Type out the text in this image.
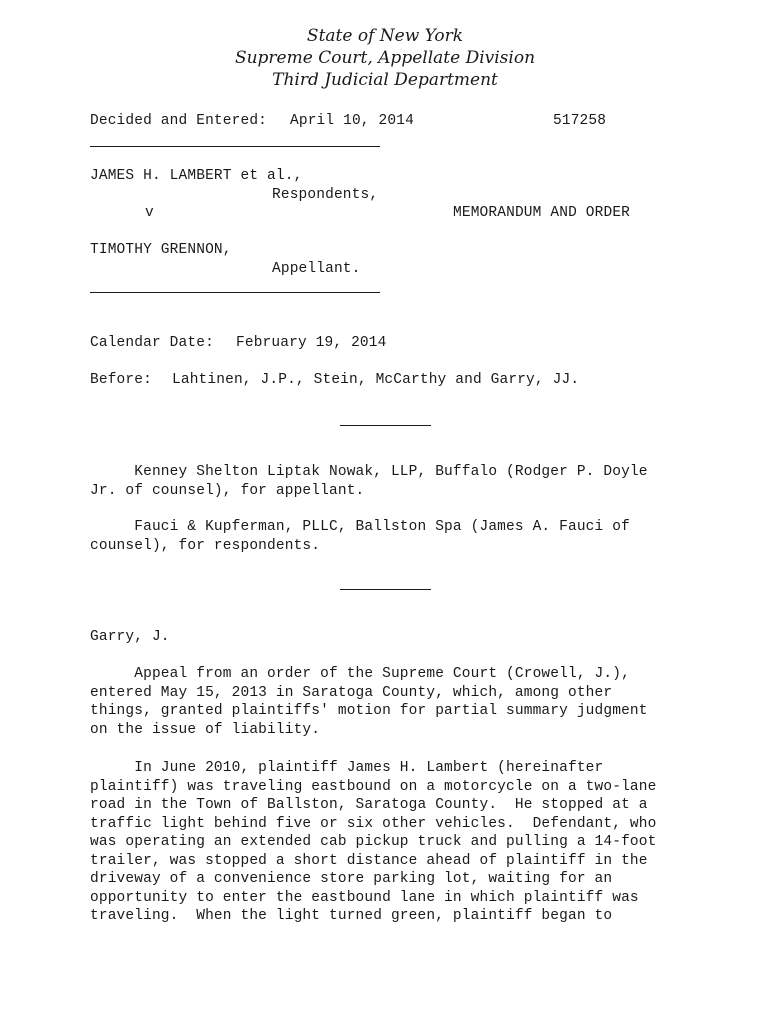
State of New York
Supreme Court, Appellate Division
Third Judicial Department
Decided and Entered: April 10, 2014	517258
JAMES H. LAMBERT et al.,
Respondents,
v	MEMORANDUM AND ORDER
TIMOTHY GRENNON,
Appellant.
Calendar Date: February 19, 2014
Before: Lahtinen, J.P., Stein, McCarthy and Garry, JJ.
Kenney Shelton Liptak Nowak, LLP, Buffalo (Rodger P. Doyle
Jr. of counsel), for appellant.
Fauci & Kupferman, PLLC, Ballston Spa (James A. Fauci of
counsel), for respondents.
Garry, J.
Appeal from an order of the Supreme Court (Crowell, J.),
entered May 15, 2013 in Saratoga County, which, among other
things, granted plaintiffs' motion for partial summary judgment
on the issue of liability.
In June 2010, plaintiff James H. Lambert (hereinafter
plaintiff) was traveling eastbound on a motorcycle on a two-lane
road in the Town of Ballston, Saratoga County.  He stopped at a
traffic light behind five or six other vehicles.  Defendant, who
was operating an extended cab pickup truck and pulling a 14-foot
trailer, was stopped a short distance ahead of plaintiff in the
driveway of a convenience store parking lot, waiting for an
opportunity to enter the eastbound lane in which plaintiff was
traveling.  When the light turned green, plaintiff began to
